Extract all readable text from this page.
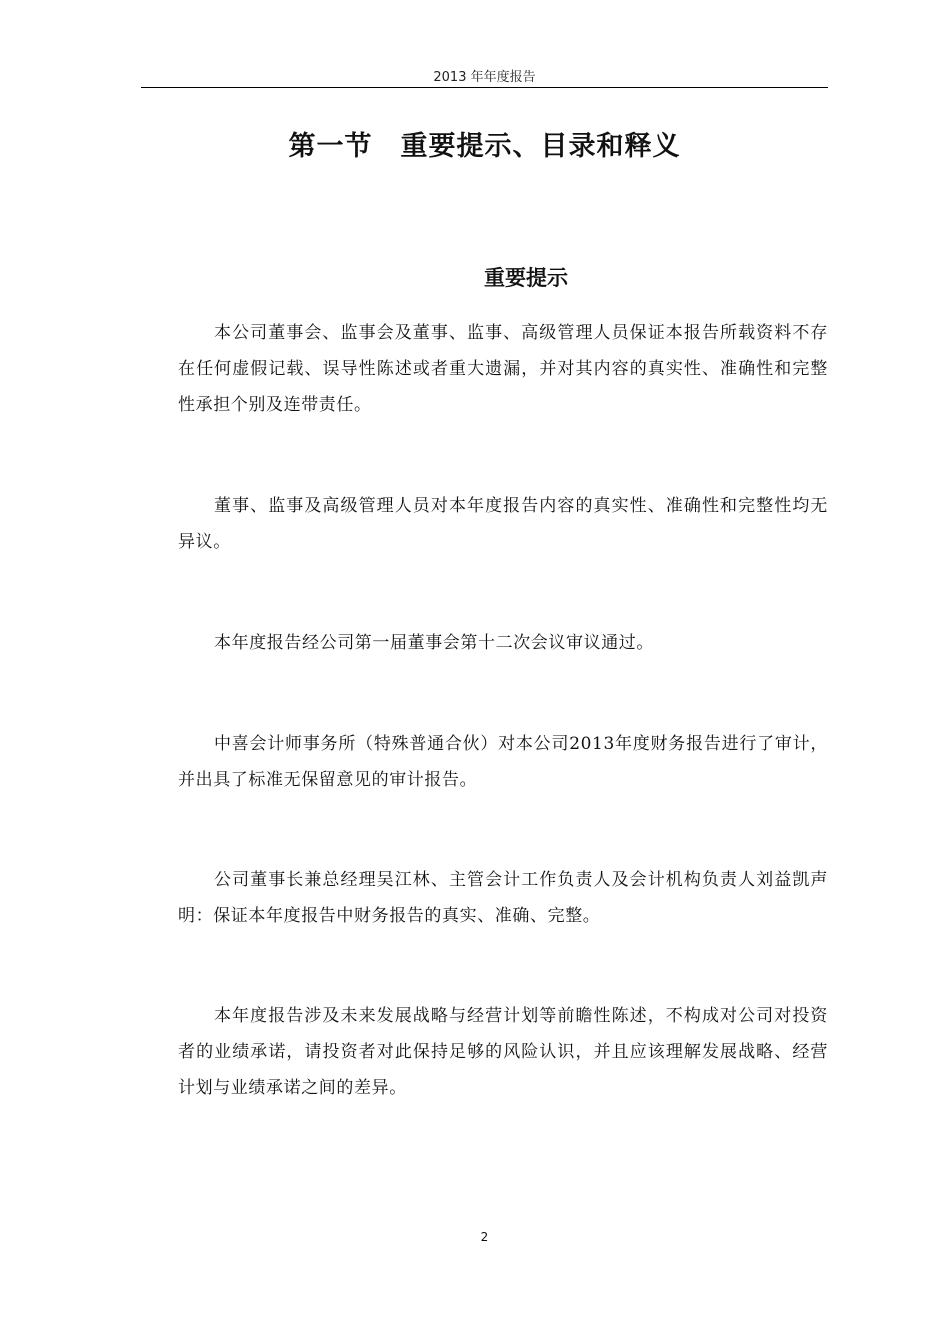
2013 年年度报告
第一节　重要提示、目录和释义
重要提示

本公司董事会、监事会及董事、监事、高级管理人员保证本报告所载资料不存在任何虚假记载、误导性陈述或者重大遗漏，并对其内容的真实性、准确性和完整性承担个别及连带责任。

董事、监事及高级管理人员对本年度报告内容的真实性、准确性和完整性均无异议。

本年度报告经公司第一届董事会第十二次会议审议通过。

中喜会计师事务所（特殊普通合伙）对本公司2013年度财务报告进行了审计，并出具了标准无保留意见的审计报告。

公司董事长兼总经理吴江林、主管会计工作负责人及会计机构负责人刘益凯声明：保证本年度报告中财务报告的真实、准确、完整。

本年度报告涉及未来发展战略与经营计划等前瞻性陈述，不构成对公司对投资者的业绩承诺，请投资者对此保持足够的风险认识，并且应该理解发展战略、经营计划与业绩承诺之间的差异。

2
